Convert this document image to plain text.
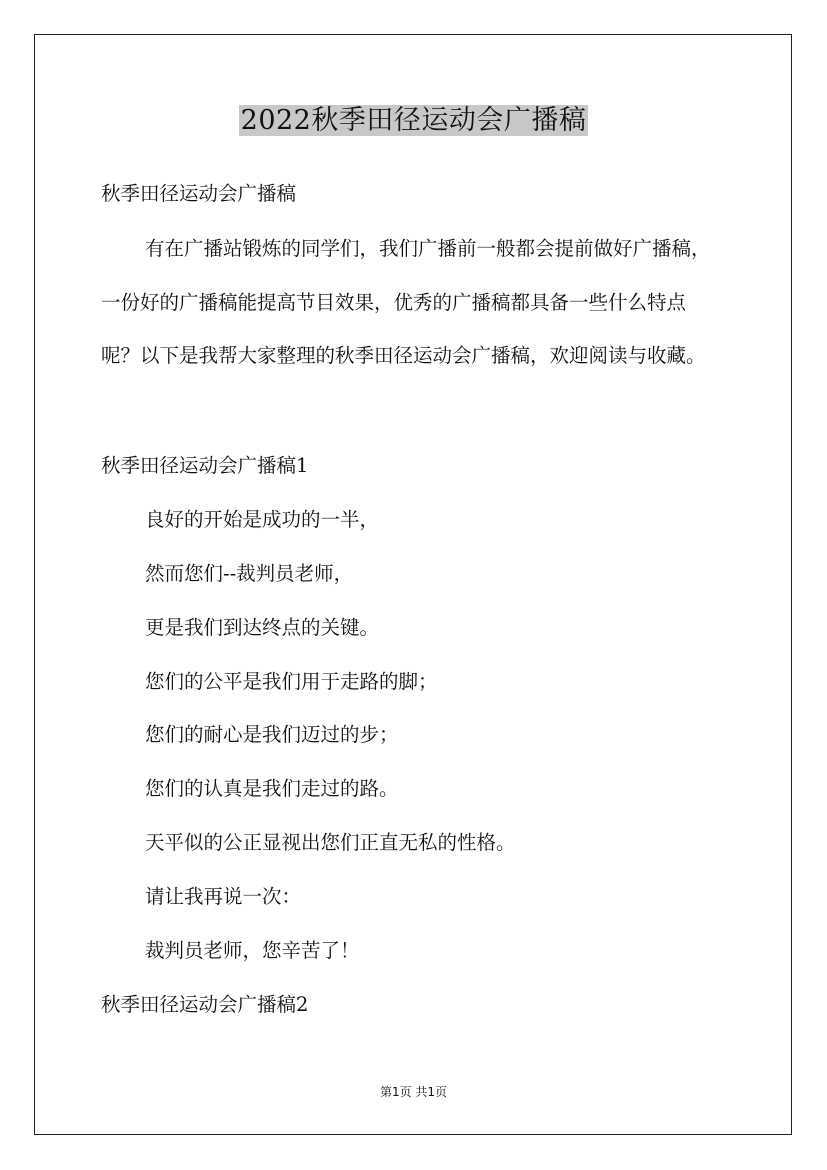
2022秋季田径运动会广播稿
秋季田径运动会广播稿
有在广播站锻炼的同学们，我们广播前一般都会提前做好广播稿，
一份好的广播稿能提高节目效果，优秀的广播稿都具备一些什么特点
呢？以下是我帮大家整理的秋季田径运动会广播稿，欢迎阅读与收藏。
秋季田径运动会广播稿1
良好的开始是成功的一半，
然而您们--裁判员老师，
更是我们到达终点的关键。
您们的公平是我们用于走路的脚；
您们的耐心是我们迈过的步；
您们的认真是我们走过的路。
天平似的公正显视出您们正直无私的性格。
请让我再说一次：
裁判员老师，您辛苦了！
秋季田径运动会广播稿2
第1页 共1页
